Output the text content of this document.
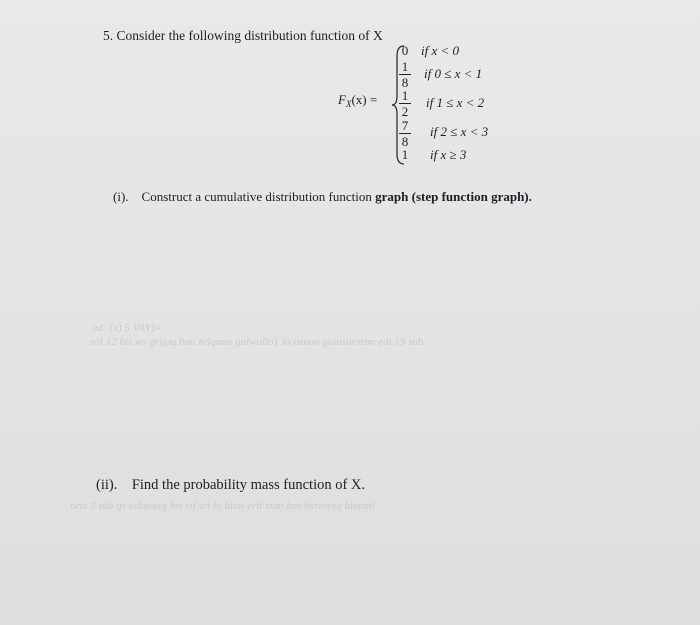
5. Consider the following distribution function of X
$F_X(x)$ =
0 if x < 0
1
8
if 0 ≤ x < 1
1
2
if 1 ≤ x < 2
7
8
if 2 ≤ x < 3
1 if x ≥ 3
(i). Construct a cumulative distribution function graph (step function graph).
(ii). Find the probability mass function of X.
ad: (x) 5 VAY)=
sol 12 bis.ws grijuq ban zelqmss gniwollo1 lo ismon guinsurstsm edt 19 sub
bris 3 sub qs ssluoqsq bsi eif srt lo bisw erit ston bns bsriovsq bluoml
